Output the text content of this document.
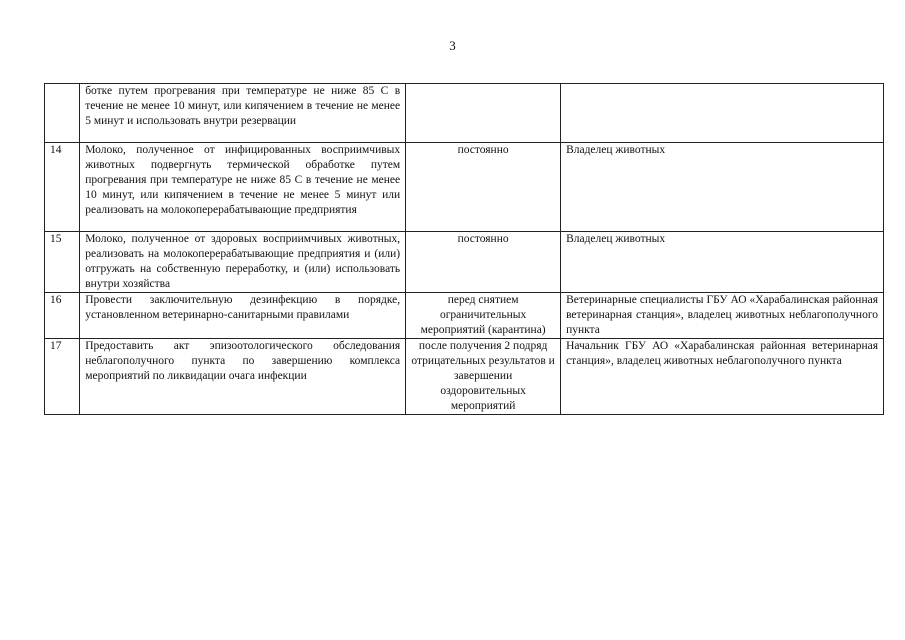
3
	ботке путем прогревания при температуре не ниже 85 С в течение не менее 10 минут, или кипячением в течение не менее 5 минут и использовать внутри резервации		
14	Молоко, полученное от инфицированных восприимчивых животных подвергнуть термической обработке путем прогревания при температуре не ниже 85 С в течение не менее 10 минут, или кипячением в течение не менее 5 минут или реализовать на молокоперерабатывающие предприятия	постоянно	Владелец животных
15	Молоко, полученное от здоровых восприимчивых животных, реализовать на молокоперерабатывающие предприятия и (или) отгружать на собственную переработку, и (или) использовать внутри хозяйства	постоянно	Владелец животных
16	Провести заключительную дезинфекцию в порядке, установленном ветеринарно-санитарными правилами	перед снятием ограничительных мероприятий (карантина)	Ветеринарные специалисты ГБУ АО «Харабалинская районная ветеринарная станция», владелец животных неблагополучного пункта
17	Предоставить акт эпизоотологического обследования неблагополучного пункта по завершению комплекса мероприятий по ликвидации очага инфекции	после получения 2 подряд отрицательных результатов и завершении оздоровительных мероприятий	Начальник ГБУ АО «Харабалинская районная ветеринарная станция», владелец животных неблагополучного пункта
